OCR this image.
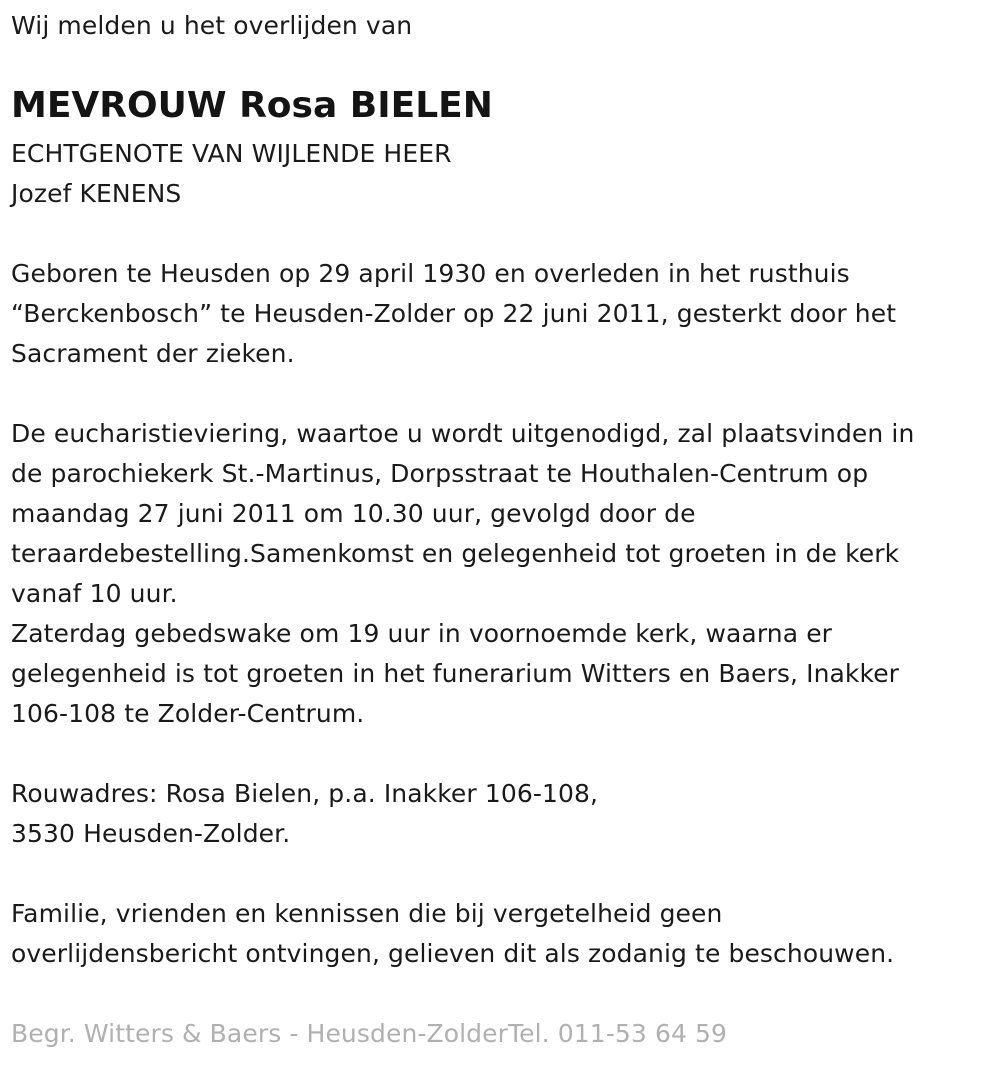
Wij melden u het overlijden van
MEVROUW Rosa BIELEN
ECHTGENOTE VAN WIJLENDE HEER
Jozef KENENS
Geboren te Heusden op 29 april 1930 en overleden in het rusthuis
“Berckenbosch” te Heusden-Zolder op 22 juni 2011, gesterkt door het
Sacrament der zieken.
De eucharistieviering, waartoe u wordt uitgenodigd, zal plaatsvinden in
de parochiekerk St.-Martinus, Dorpsstraat te Houthalen-Centrum op
maandag 27 juni 2011 om 10.30 uur, gevolgd door de
teraardebestelling.Samenkomst en gelegenheid tot groeten in de kerk
vanaf 10 uur.
Zaterdag gebedswake om 19 uur in voornoemde kerk, waarna er
gelegenheid is tot groeten in het funerarium Witters en Baers, Inakker
106-108 te Zolder-Centrum.
Rouwadres: Rosa Bielen, p.a. Inakker 106-108,
3530 Heusden-Zolder.
Familie, vrienden en kennissen die bij vergetelheid geen
overlijdensbericht ontvingen, gelieven dit als zodanig te beschouwen.
Begr. Witters & Baers - Heusden-ZolderTel. 011-53 64 59
